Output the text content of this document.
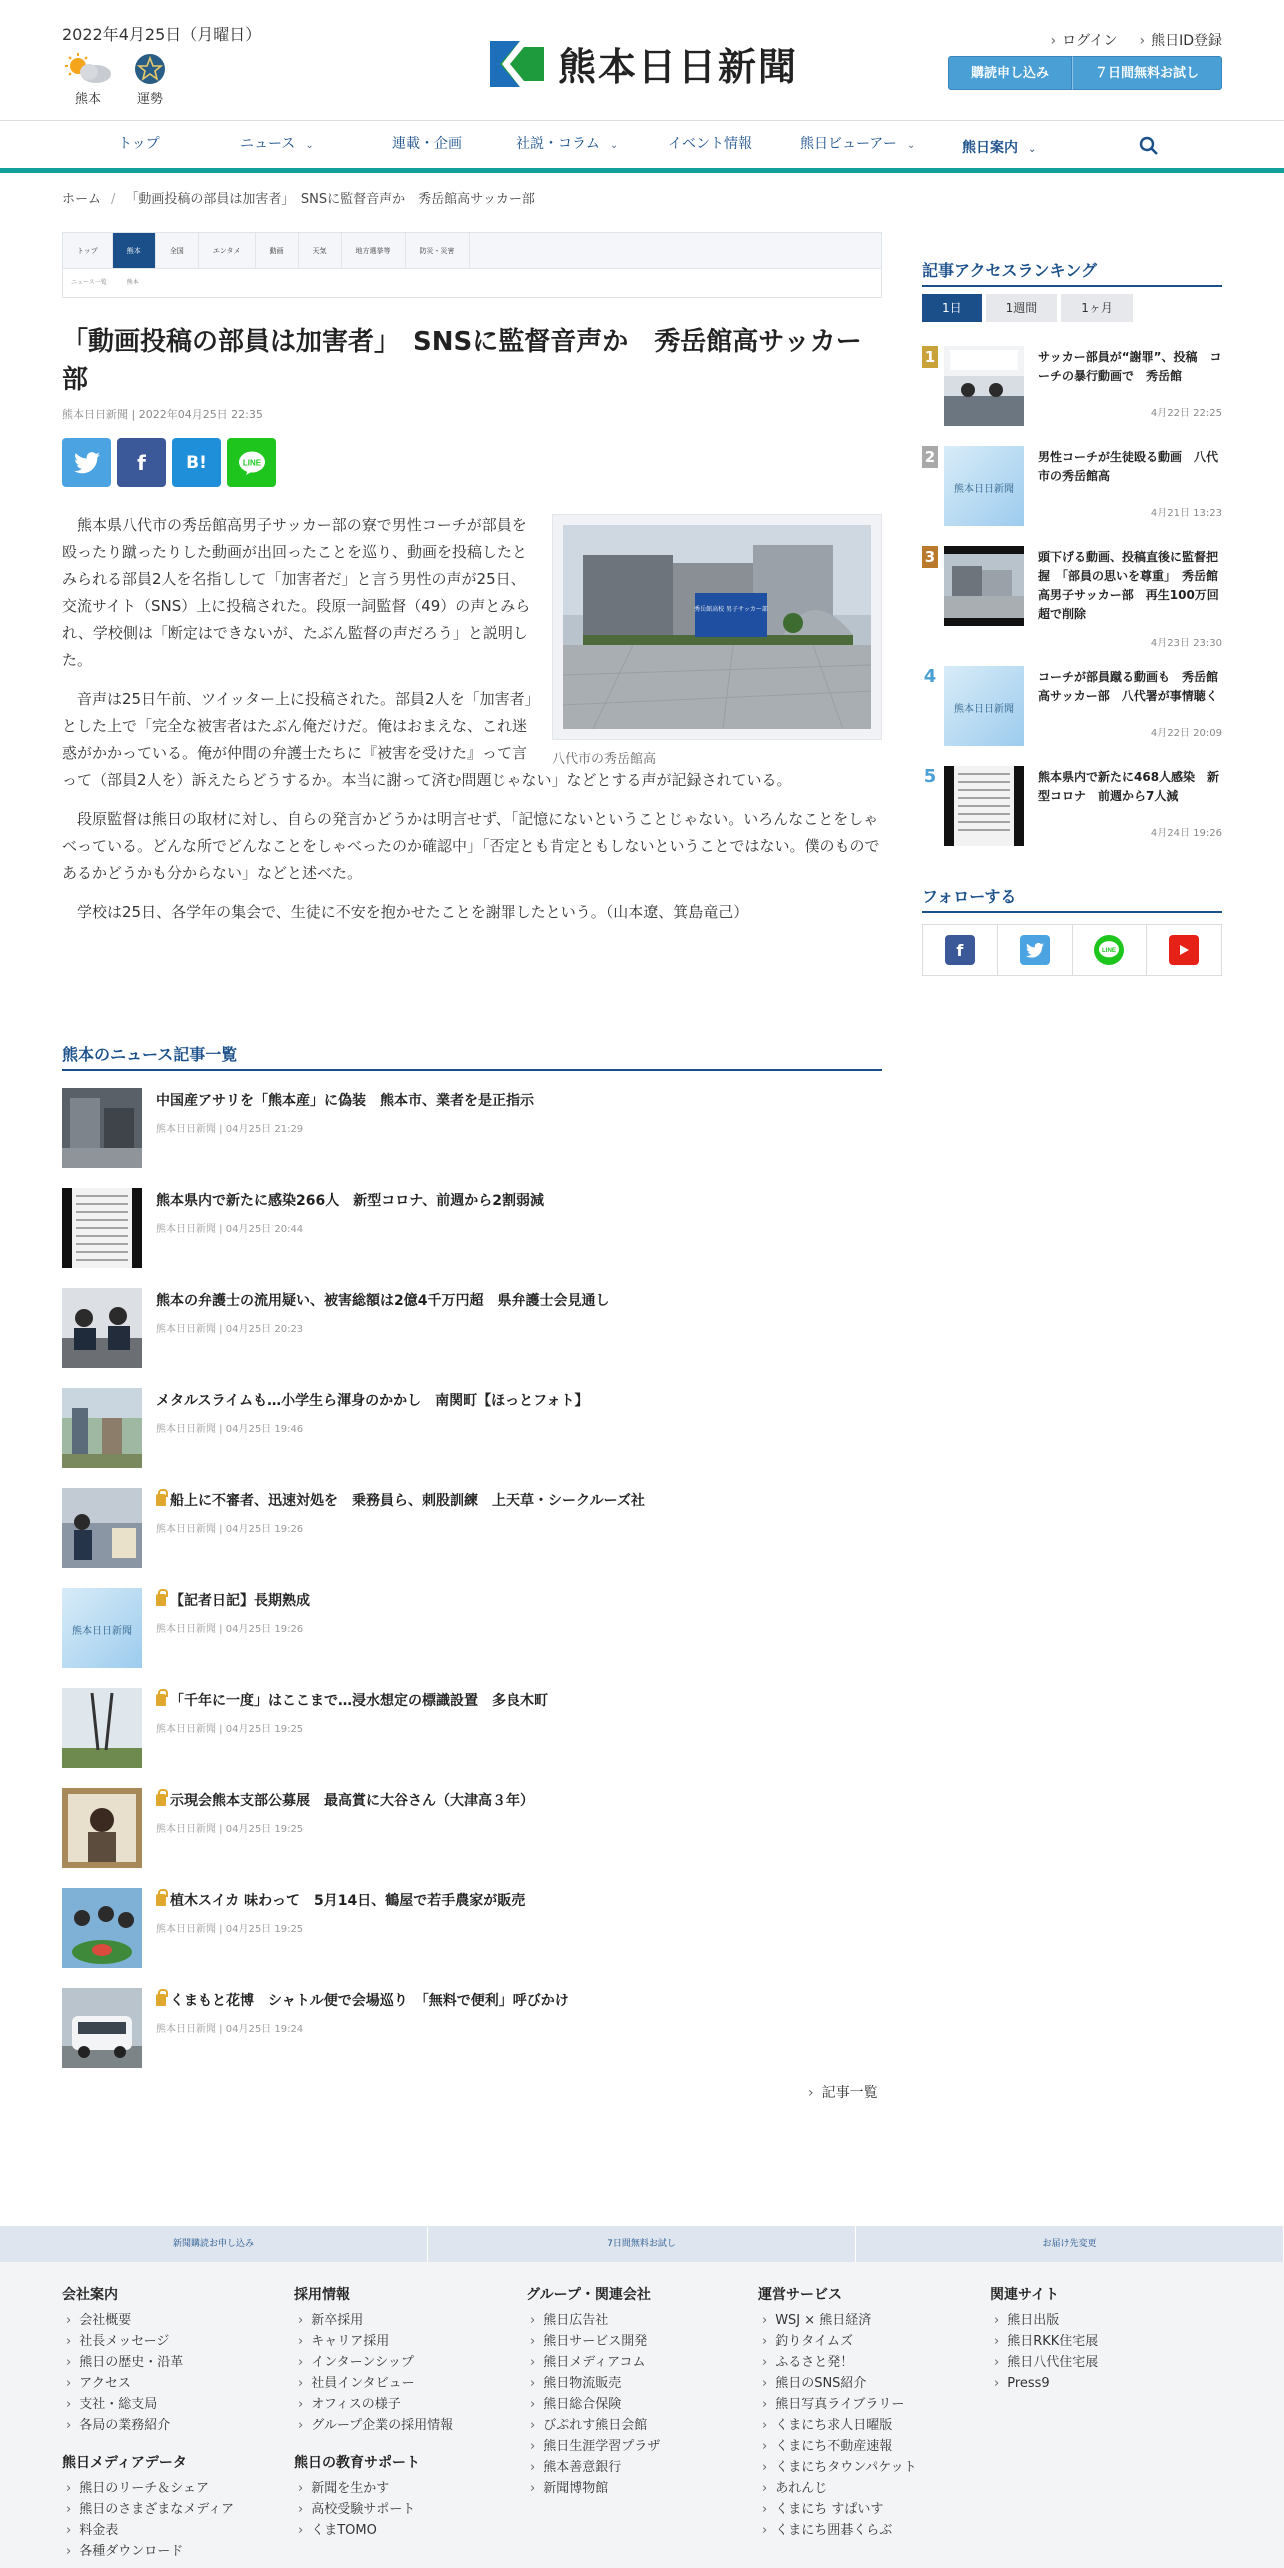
2022年4月25日（月曜日）
熊本	運勢
熊本日日新聞
› ログイン
›	熊日ID登録
購読申し込み	７日間無料お試し
トップ	ニュース ⌄	連載・企画	社説・コラム ⌄	イベント情報	熊日ビューアー ⌄	熊日案内 ⌄
ホーム / 「動画投稿の部員は加害者」　SNSに監督音声か　秀岳館高サッカー部
トップ	熊本	全国	エンタメ	動画	天気	地方選挙等	防災・災害
ニュース一覧	熊本
「動画投稿の部員は加害者」　SNSに監督音声か　秀岳館高サッカー部
熊本日日新聞 | 2022年04月25日 22:35
f B!	LINE
秀岳館高校 男子サッカー部
八代市の秀岳館高

熊本県八代市の秀岳館高男子サッカー部の寮で男性コーチが部員を殴ったり蹴ったりした動画が出回ったことを巡り、動画を投稿したとみられる部員2人を名指しして「加害者だ」と言う男性の声が25日、交流サイト（SNS）上に投稿された。段原一詞監督（49）の声とみられ、学校側は「断定はできないが、たぶん監督の声だろう」と説明した。

音声は25日午前、ツイッター上に投稿された。部員2人を「加害者」とした上で「完全な被害者はたぶん俺だけだ。俺はおまえな、これ迷惑がかかっている。俺が仲間の弁護士たちに『被害を受けた』って言って（部員2人を）訴えたらどうするか。本当に謝って済む問題じゃない」などとする声が記録されている。

段原監督は熊日の取材に対し、自らの発言かどうかは明言せず、「記憶にないということじゃない。いろんなことをしゃべっている。どんな所でどんなことをしゃべったのか確認中」「否定とも肯定ともしないということではない。僕のものであるかどうかも分からない」などと述べた。

学校は25日、各学年の集会で、生徒に不安を抱かせたことを謝罪したという。（山本遼、箕島竜己）

熊本のニュース記事一覧
中国産アサリを「熊本産」に偽装　熊本市、業者を是正指示
熊本日日新聞 | 04月25日 21:29
熊本県内で新たに感染266人　新型コロナ、前週から2割弱減
熊本日日新聞 | 04月25日 20:44
熊本の弁護士の流用疑い、被害総額は2億4千万円超　県弁護士会見通し
熊本日日新聞 | 04月25日 20:23
メタルスライムも…小学生ら渾身のかかし　南関町【ほっとフォト】
熊本日日新聞 | 04月25日 19:46
船上に不審者、迅速対処を　乗務員ら、刺股訓練　上天草・シークルーズ社
熊本日日新聞 | 04月25日 19:26
熊本日日新聞
【記者日記】長期熟成
熊本日日新聞 | 04月25日 19:26
「千年に一度」はここまで…浸水想定の標識設置　多良木町
熊本日日新聞 | 04月25日 19:25
示現会熊本支部公募展　最高賞に大谷さん（大津高３年）
熊本日日新聞 | 04月25日 19:25
植木スイカ 味わって　5月14日、鶴屋で若手農家が販売
熊本日日新聞 | 04月25日 19:25
くまもと花博　シャトル便で会場巡り　「無料で便利」呼びかけ
熊本日日新聞 | 04月25日 19:24
› 記事一覧
記事アクセスランキング
1日	1週間	1ヶ月
1	サッカー部員が“謝罪”、投稿　コーチの暴行動画で　秀岳館
4月22日 22:25
2
熊本日日新聞
男性コーチが生徒殴る動画　八代市の秀岳館高
4月21日 13:23
3	頭下げる動画、投稿直後に監督把握　「部員の思いを尊重」　秀岳館高男子サッカー部　再生100万回超で削除
4月23日 23:30
4
熊本日日新聞
コーチが部員蹴る動画も　秀岳館高サッカー部　八代署が事情聴く
4月22日 20:09
5	熊本県内で新たに468人感染　新型コロナ　前週から7人減
4月24日 19:26
フォローする
f	LINE
新聞購読お申し込み	7日間無料お試し	お届け先変更
会社案内
› 会社概要
› 社長メッセージ
› 熊日の歴史・沿革
› アクセス
› 支社・総支局
› 各局の業務紹介
採用情報
› 新卒採用
› キャリア採用
› インターンシップ
› 社員インタビュー
› オフィスの様子
› グループ企業の採用情報
グループ・関連会社
› 熊日広告社
› 熊日サービス開発
› 熊日メディアコム
› 熊日物流販売
› 熊日総合保険
› びぷれす熊日会館
› 熊日生涯学習プラザ
› 熊本善意銀行
› 新聞博物館
運営サービス
› WSJ × 熊日経済
› 釣りタイムズ
› ふるさと発！
› 熊日のSNS紹介
› 熊日写真ライブラリー
› くまにち求人日曜版
› くまにち不動産速報
› くまにちタウンパケット
› あれんじ
› くまにち すぱいす
› くまにち囲碁くらぶ
関連サイト
› 熊日出版
› 熊日RKK住宅展
› 熊日八代住宅展
› Press9
熊日メディアデータ
› 熊日のリーチ＆シェア
› 熊日のさまざまなメディア
› 料金表
› 各種ダウンロード
熊日の教育サポート
› 新聞を生かす
› 高校受験サポート
› くまTOMO
